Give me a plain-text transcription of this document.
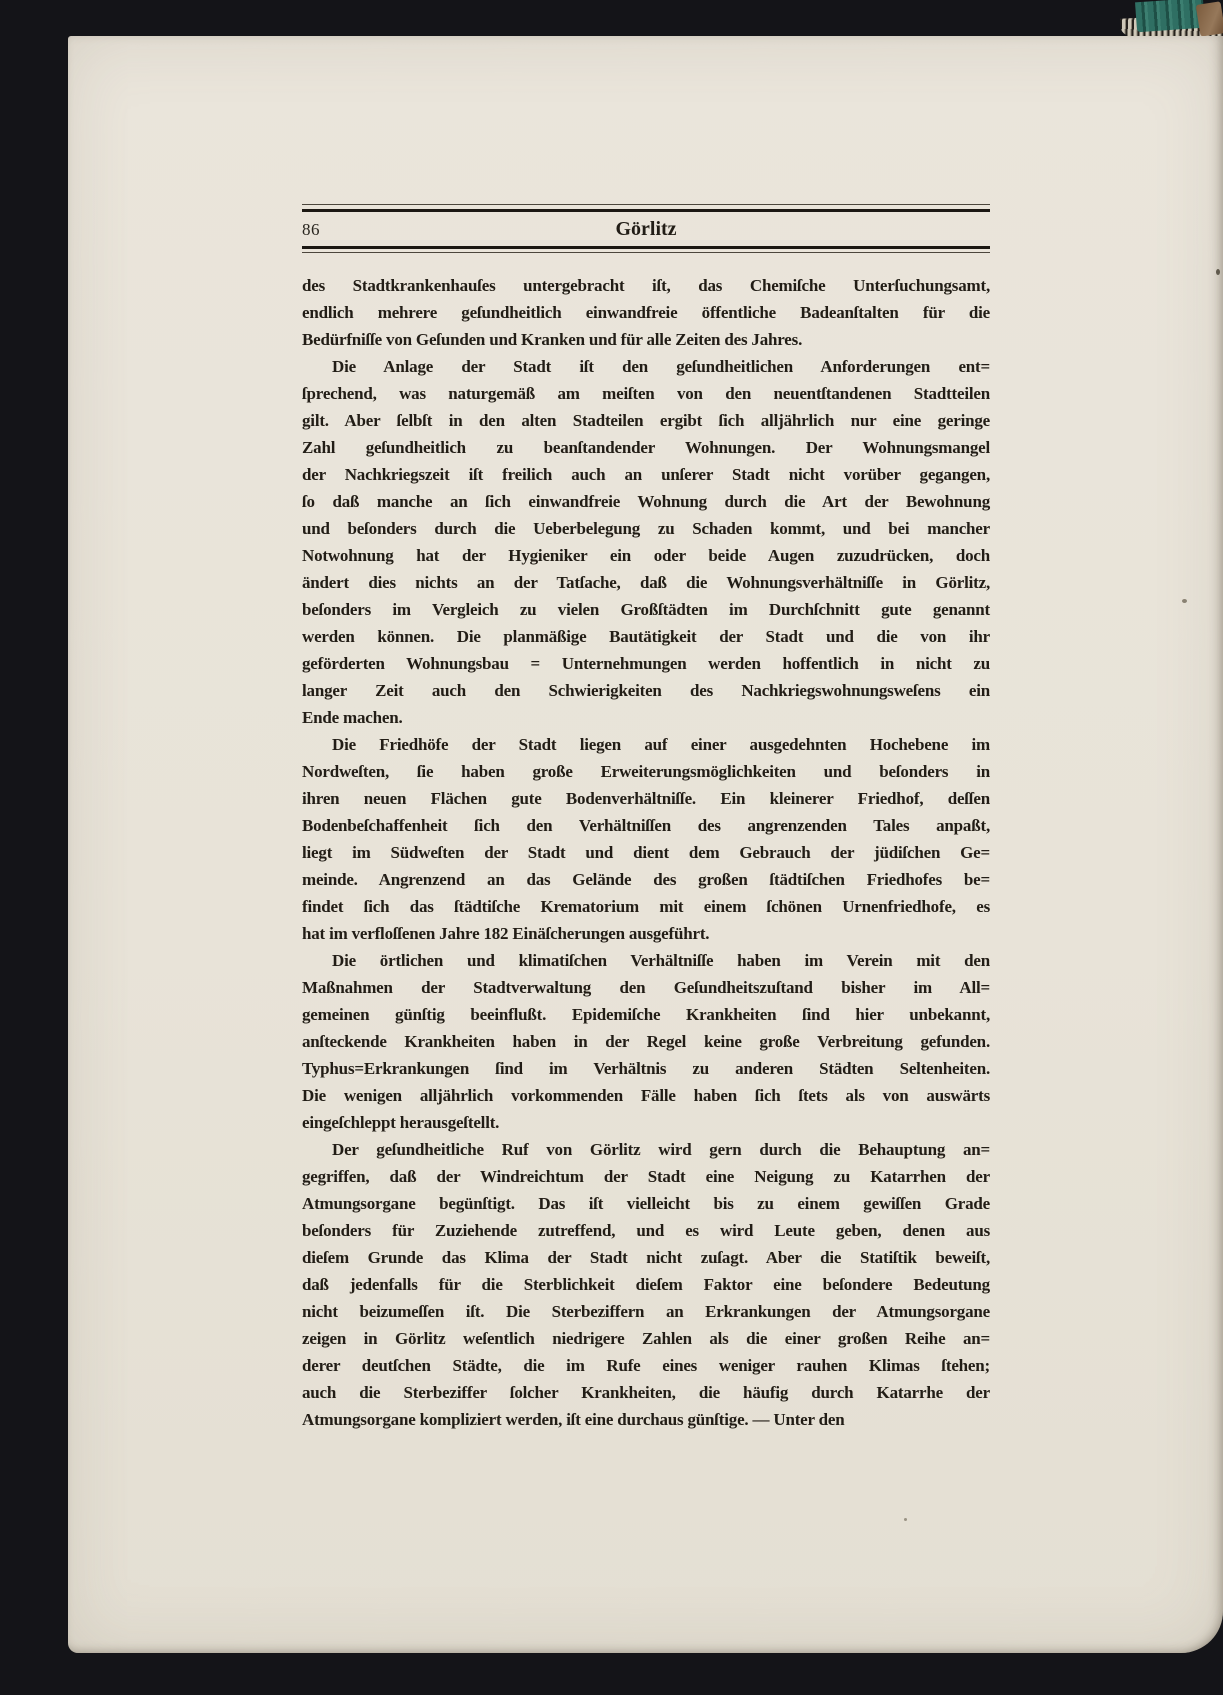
86	Görlitz
des Stadtkrankenhauſes untergebracht iſt, das Chemiſche Unterſuchungsamt,
endlich mehrere geſundheitlich einwandfreie öffentliche Badeanſtalten für die
Bedürfniſſe von Geſunden und Kranken und für alle Zeiten des Jahres.
Die Anlage der Stadt iſt den geſundheitlichen Anforderungen ent=
ſprechend, was naturgemäß am meiſten von den neuentſtandenen Stadtteilen
gilt. Aber ſelbſt in den alten Stadteilen ergibt ſich alljährlich nur eine geringe
Zahl geſundheitlich zu beanſtandender Wohnungen. Der Wohnungsmangel
der Nachkriegszeit iſt freilich auch an unſerer Stadt nicht vorüber gegangen,
ſo daß manche an ſich einwandfreie Wohnung durch die Art der Bewohnung
und beſonders durch die Ueberbelegung zu Schaden kommt, und bei mancher
Notwohnung hat der Hygieniker ein oder beide Augen zuzudrücken, doch
ändert dies nichts an der Tatſache, daß die Wohnungsverhältniſſe in Görlitz,
beſonders im Vergleich zu vielen Großſtädten im Durchſchnitt gute genannt
werden können. Die planmäßige Bautätigkeit der Stadt und die von ihr
geförderten Wohnungsbau = Unternehmungen werden hoffentlich in nicht zu
langer Zeit auch den Schwierigkeiten des Nachkriegswohnungsweſens ein
Ende machen.
Die Friedhöfe der Stadt liegen auf einer ausgedehnten Hochebene im
Nordweſten, ſie haben große Erweiterungsmöglichkeiten und beſonders in
ihren neuen Flächen gute Bodenverhältniſſe. Ein kleinerer Friedhof, deſſen
Bodenbeſchaffenheit ſich den Verhältniſſen des angrenzenden Tales anpaßt,
liegt im Südweſten der Stadt und dient dem Gebrauch der jüdiſchen Ge=
meinde. Angrenzend an das Gelände des großen ſtädtiſchen Friedhofes be=
findet ſich das ſtädtiſche Krematorium mit einem ſchönen Urnenfriedhofe, es
hat im verfloſſenen Jahre 182 Einäſcherungen ausgeführt.
Die örtlichen und klimatiſchen Verhältniſſe haben im Verein mit den
Maßnahmen der Stadtverwaltung den Geſundheitszuſtand bisher im All=
gemeinen günſtig beeinflußt. Epidemiſche Krankheiten ſind hier unbekannt,
anſteckende Krankheiten haben in der Regel keine große Verbreitung gefunden.
Typhus=Erkrankungen ſind im Verhältnis zu anderen Städten Seltenheiten.
Die wenigen alljährlich vorkommenden Fälle haben ſich ſtets als von auswärts
eingeſchleppt herausgeſtellt.
Der geſundheitliche Ruf von Görlitz wird gern durch die Behauptung an=
gegriffen, daß der Windreichtum der Stadt eine Neigung zu Katarrhen der
Atmungsorgane begünſtigt. Das iſt vielleicht bis zu einem gewiſſen Grade
beſonders für Zuziehende zutreffend, und es wird Leute geben, denen aus
dieſem Grunde das Klima der Stadt nicht zuſagt. Aber die Statiſtik beweiſt,
daß jedenfalls für die Sterblichkeit dieſem Faktor eine beſondere Bedeutung
nicht beizumeſſen iſt. Die Sterbeziffern an Erkrankungen der Atmungsorgane
zeigen in Görlitz weſentlich niedrigere Zahlen als die einer großen Reihe an=
derer deutſchen Städte, die im Rufe eines weniger rauhen Klimas ſtehen;
auch die Sterbeziffer ſolcher Krankheiten, die häufig durch Katarrhe der
Atmungsorgane kompliziert werden, iſt eine durchaus günſtige. — Unter den
